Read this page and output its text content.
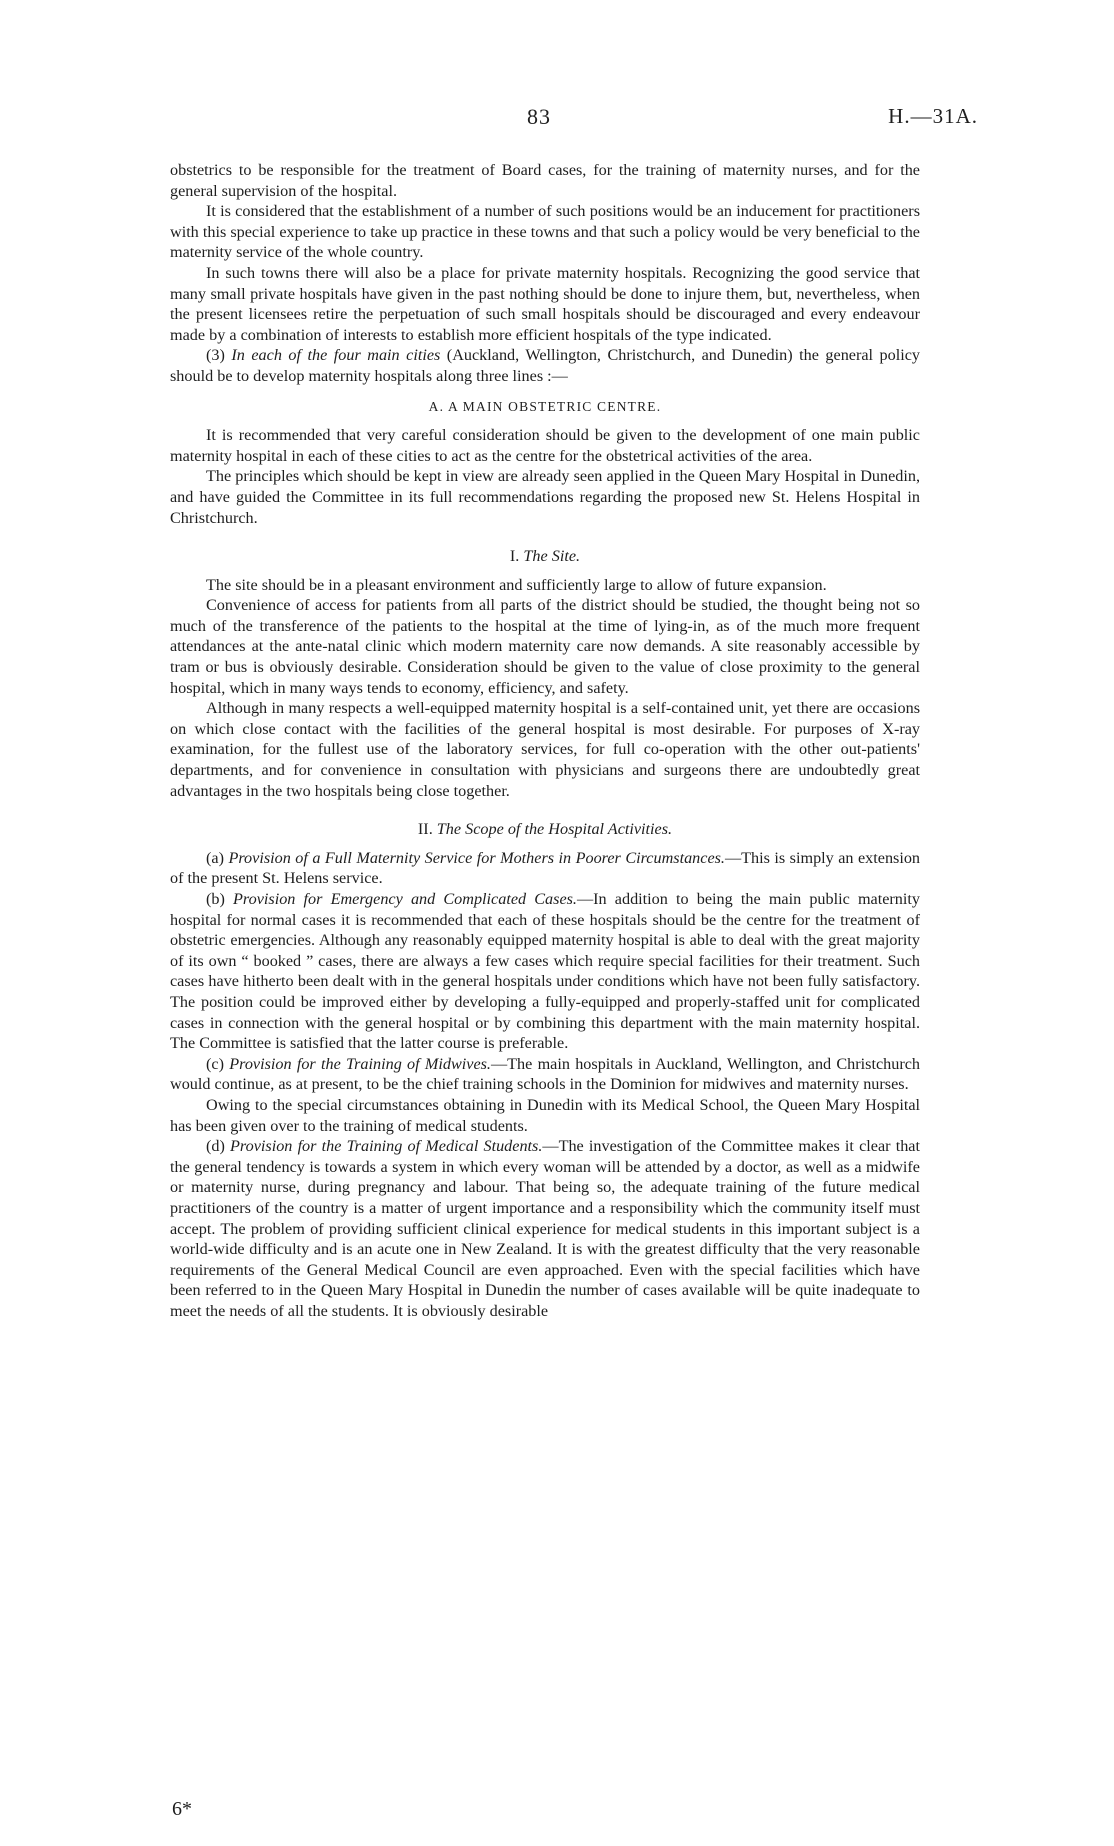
83	H.—31A.

obstetrics to be responsible for the treatment of Board cases, for the training of maternity nurses, and for the general supervision of the hospital.

It is considered that the establishment of a number of such positions would be an inducement for practitioners with this special experience to take up practice in these towns and that such a policy would be very beneficial to the maternity service of the whole country.

In such towns there will also be a place for private maternity hospitals. Recognizing the good service that many small private hospitals have given in the past nothing should be done to injure them, but, nevertheless, when the present licensees retire the perpetuation of such small hospitals should be discouraged and every endeavour made by a combination of interests to establish more efficient hospitals of the type indicated.

(3) In each of the four main cities (Auckland, Wellington, Christchurch, and Dunedin) the general policy should be to develop maternity hospitals along three lines :—

A. A MAIN OBSTETRIC CENTRE.

It is recommended that very careful consideration should be given to the development of one main public maternity hospital in each of these cities to act as the centre for the obstetrical activities of the area.

The principles which should be kept in view are already seen applied in the Queen Mary Hospital in Dunedin, and have guided the Committee in its full recommendations regarding the proposed new St. Helens Hospital in Christchurch.

I. The Site.

The site should be in a pleasant environment and sufficiently large to allow of future expansion.

Convenience of access for patients from all parts of the district should be studied, the thought being not so much of the transference of the patients to the hospital at the time of lying-in, as of the much more frequent attendances at the ante-natal clinic which modern maternity care now demands. A site reasonably accessible by tram or bus is obviously desirable. Consideration should be given to the value of close proximity to the general hospital, which in many ways tends to economy, efficiency, and safety.

Although in many respects a well-equipped maternity hospital is a self-contained unit, yet there are occasions on which close contact with the facilities of the general hospital is most desirable. For purposes of X-ray examination, for the fullest use of the laboratory services, for full co-operation with the other out-patients' departments, and for convenience in consultation with physicians and surgeons there are undoubtedly great advantages in the two hospitals being close together.

II. The Scope of the Hospital Activities.

(a) Provision of a Full Maternity Service for Mothers in Poorer Circumstances.—This is simply an extension of the present St. Helens service.

(b) Provision for Emergency and Complicated Cases.—In addition to being the main public maternity hospital for normal cases it is recommended that each of these hospitals should be the centre for the treatment of obstetric emergencies. Although any reasonably equipped maternity hospital is able to deal with the great majority of its own “ booked ” cases, there are always a few cases which require special facilities for their treatment. Such cases have hitherto been dealt with in the general hospitals under conditions which have not been fully satisfactory. The position could be improved either by developing a fully-equipped and properly-staffed unit for complicated cases in connection with the general hospital or by combining this department with the main maternity hospital. The Committee is satisfied that the latter course is preferable.

(c) Provision for the Training of Midwives.—The main hospitals in Auckland, Wellington, and Christchurch would continue, as at present, to be the chief training schools in the Dominion for midwives and maternity nurses.

Owing to the special circumstances obtaining in Dunedin with its Medical School, the Queen Mary Hospital has been given over to the training of medical students.

(d) Provision for the Training of Medical Students.—The investigation of the Committee makes it clear that the general tendency is towards a system in which every woman will be attended by a doctor, as well as a midwife or maternity nurse, during pregnancy and labour. That being so, the adequate training of the future medical practitioners of the country is a matter of urgent importance and a responsibility which the community itself must accept. The problem of providing sufficient clinical experience for medical students in this important subject is a world-wide difficulty and is an acute one in New Zealand. It is with the greatest difficulty that the very reasonable requirements of the General Medical Council are even approached. Even with the special facilities which have been referred to in the Queen Mary Hospital in Dunedin the number of cases available will be quite inadequate to meet the needs of all the students. It is obviously desirable

6*
